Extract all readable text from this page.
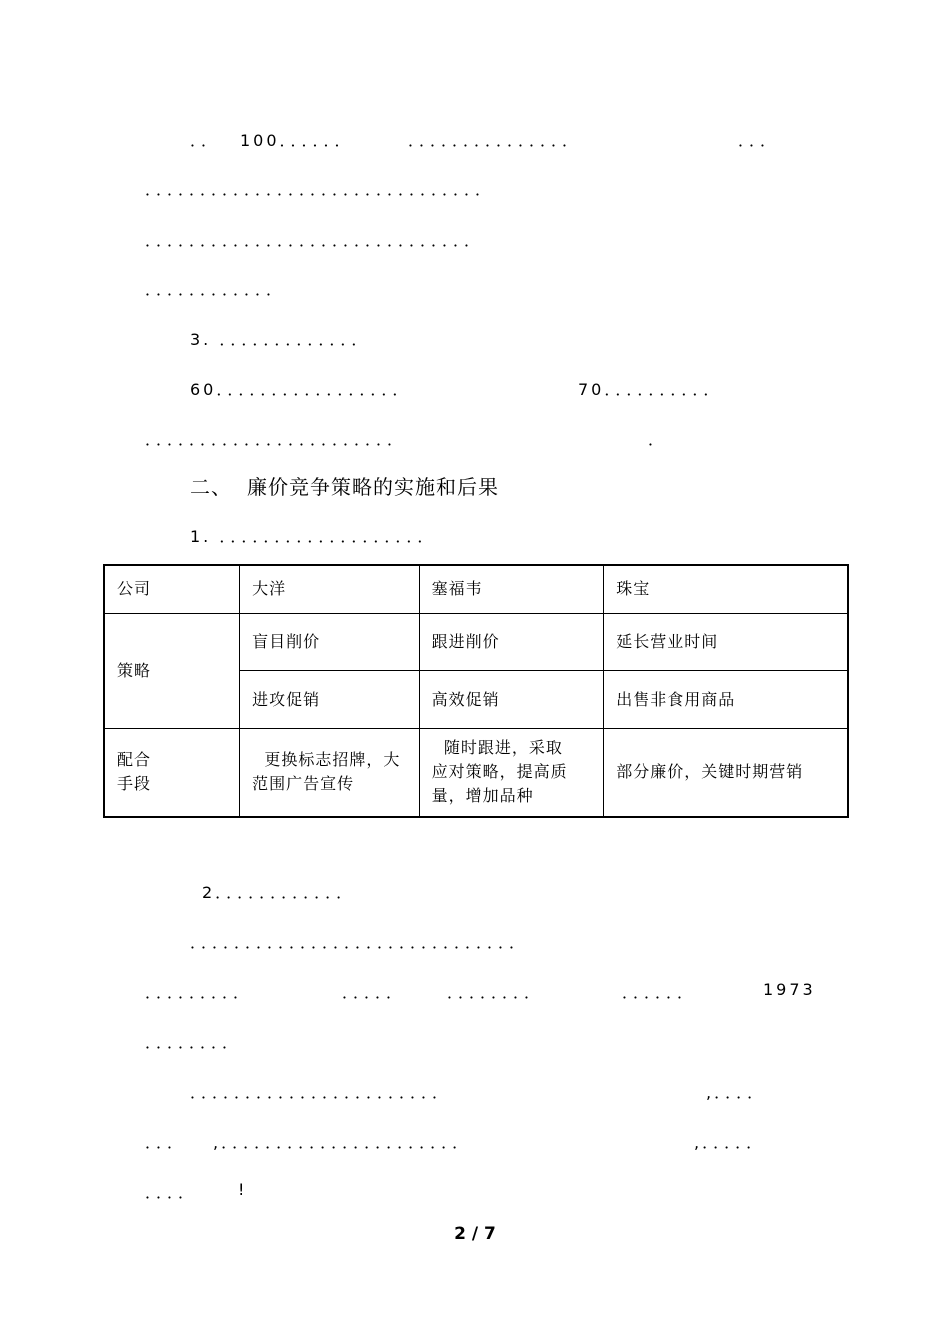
．． 100．．．．．．	．．．．．．．．．．．．．．．	．．．
．．．．．．．．．．．．．．．．．．．．．．．．．．．．．．．
．．．．．．．．．．．．．．．．．．．．．．．．．．．．．．
．．．．．．．．．．．．
3. ．．．．．．．．．．．．．
60．．．．．．．．．．．．．．．．．	70．．．．．．．．．．
．．．．．．．．．．．．．．．．．．．．．．．	．
二、 廉价竞争策略的实施和后果
1. ．．．．．．．．．．．．．．．．．．．
公司	大洋	塞福韦	珠宝
策略	盲目削价	跟进削价	延长营业时间
	进攻促销	高效促销	出售非食用商品
配合
手段	更换标志招牌，大范围广告宣传	随时跟进，采取  应对策略，提高质量，增加品种	部分廉价，关键时期营销
2．．．．．．．．．．．．
．．．．．．．．．．．．．．．．．．．．．．．．．．．．．．
．．．．．．．．．	．．．．．	．．．．．．．．	．．．．．．	1973
．．．．．．．．
．．．．．．．．．．．．．．．．．．．．．．．	,．．．．
．．． ,．．．．．．．．．．．．．．．．．．．．．．	,．．．．．
．．．．	!
2 / 7
